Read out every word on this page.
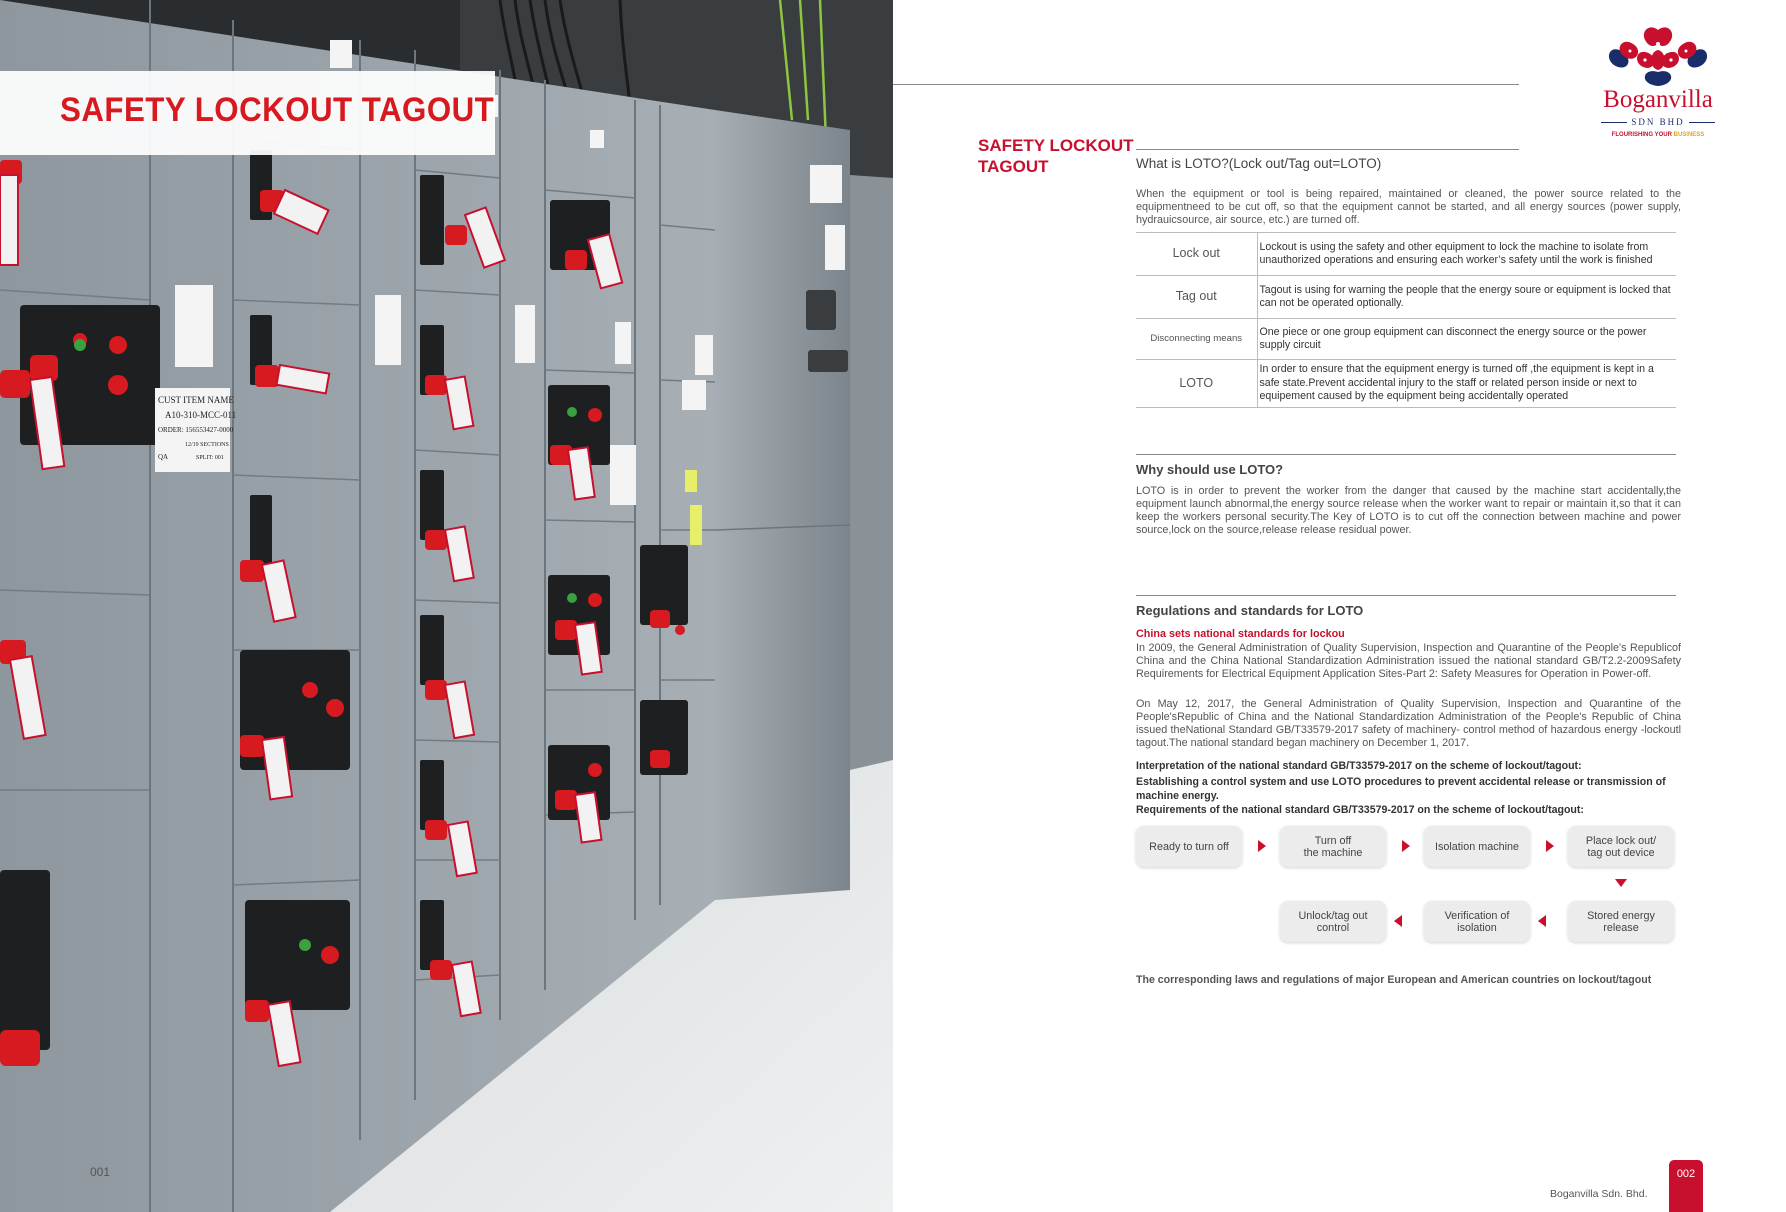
CUST ITEM NAME
A10-310-MCC-011
ORDER: 156553427-0000
12/19 SECTIONS
QA	SPLIT: 001
SAFETY LOCKOUT TAGOUT
001
Boganvilla
SDN BHD
FLOURISHING YOUR BUSINESS
SAFETY LOCKOUT TAGOUT	What is LOTO?(Lock out/Tag out=LOTO)
When the equipment or tool is being repaired, maintained or cleaned, the power source related to the equipmentneed to be cut off, so that the equipment cannot be started, and all energy sources (power supply, hydrauicsource, air source, etc.) are turned off.
Lock out	Lockout is using the safety and other equipment to lock the machine to isolate from unauthorized operations and ensuring each worker’s safety until the work is finished
Tag out	Tagout is using for warning the people that the energy soure or equipment is locked that can not be operated optionally.
Disconnecting means	One piece or one group equipment can disconnect the energy source or the power supply circuit
LOTO	In order to ensure that the equipment energy is turned off ,the equipment is kept in a safe state.Prevent accidental injury to the staff or related person inside or next to equipement caused by the equipment being accidentally operated
Why should use LOTO?
LOTO is in order to prevent the worker from the danger that caused by the machine start accidentally,the equipment launch abnormal,the energy source release when the worker want to repair or maintain it,so that it can keep the workers personal security.The Key of LOTO is to cut off the connection between machine and power source,lock on the source,release release residual power.
Regulations and standards for LOTO
China sets national standards for lockou
In 2009, the General Administration of Quality Supervision, Inspection and Quarantine of the People's Republicof China and the China National Standardization Administration issued the national standard GB/T2.2-2009Safety Requirements for Electrical Equipment Application Sites-Part 2: Safety Measures for Operation in Power-off.
On May 12, 2017, the General Administration of Quality Supervision, Inspection and Quarantine of the People'sRepublic of China and the National Standardization Administration of the People's Republic of China issued theNational Standard GB/T33579-2017 safety of machinery- control method of hazardous energy -lockoutl tagout.The national standard began machinery on December 1, 2017.
Interpretation of the national standard GB/T33579-2017 on the scheme of lockout/tagout:
Establishing a control system and use LOTO procedures to prevent accidental release or transmission of machine energy.
Requirements of the national standard GB/T33579-2017 on the scheme of lockout/tagout:
Ready to turn off	Turn off
the machine	Isolation machine	Place lock out/
tag out device
Unlock/tag out
control
Verification of
isolation
Stored energy
release
The corresponding laws and regulations of major European and American countries on lockout/tagout
Boganvilla Sdn. Bhd.
002
